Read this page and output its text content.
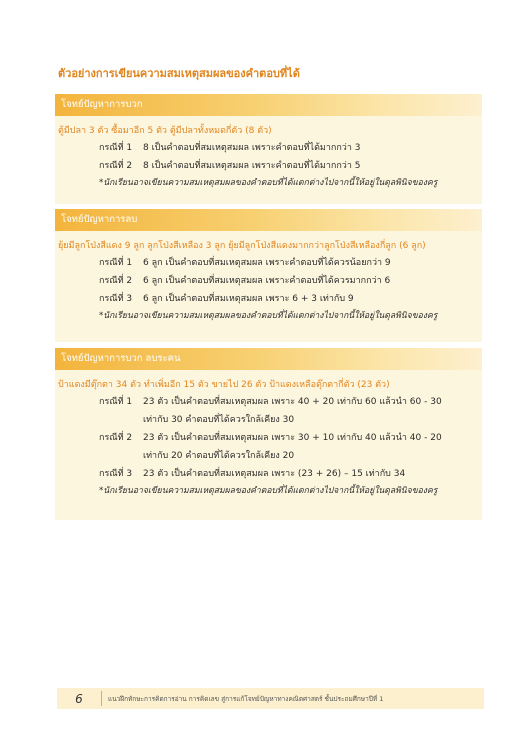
ตัวอย่างการเขียนความสมเหตุสมผลของคำตอบที่ได้
โจทย์ปัญหาการบวก
ตู้มีปลา 3 ตัว ซื้อมาอีก 5 ตัว ตู้มีปลาทั้งหมดกี่ตัว (8 ตัว)
กรณีที่ 1	8 เป็นคำตอบที่สมเหตุสมผล เพราะคำตอบที่ได้มากกว่า 3
กรณีที่ 2	8 เป็นคำตอบที่สมเหตุสมผล เพราะคำตอบที่ได้มากกว่า 5
*นักเรียนอาจเขียนความสมเหตุสมผลของคำตอบที่ได้แตกต่างไปจากนี้ให้อยู่ในดุลพินิจของครู
โจทย์ปัญหาการลบ
ยุ้ยมีลูกโป่งสีแดง 9 ลูก ลูกโป่งสีเหลือง 3 ลูก ยุ้ยมีลูกโป่งสีแดงมากกว่าลูกโป่งสีเหลืองกี่ลูก (6 ลูก)
กรณีที่ 1	6 ลูก เป็นคำตอบที่สมเหตุสมผล เพราะคำตอบที่ได้ควรน้อยกว่า 9
กรณีที่ 2	6 ลูก เป็นคำตอบที่สมเหตุสมผล เพราะคำตอบที่ได้ควรมากกว่า 6
กรณีที่ 3	6 ลูก เป็นคำตอบที่สมเหตุสมผล เพราะ 6 + 3 เท่ากับ 9
*นักเรียนอาจเขียนความสมเหตุสมผลของคำตอบที่ได้แตกต่างไปจากนี้ให้อยู่ในดุลพินิจของครู
โจทย์ปัญหาการบวก ลบระคน
ป้าแดงมีตุ๊กตา 34 ตัว ทำเพิ่มอีก 15 ตัว ขายไป 26 ตัว ป้าแดงเหลือตุ๊กตากี่ตัว (23 ตัว)
กรณีที่ 1	23 ตัว เป็นคำตอบที่สมเหตุสมผล เพราะ 40 + 20 เท่ากับ 60 แล้วนำ 60 - 30
เท่ากับ 30 คำตอบที่ได้ควรใกล้เคียง 30
กรณีที่ 2	23 ตัว เป็นคำตอบที่สมเหตุสมผล เพราะ 30 + 10 เท่ากับ 40 แล้วนำ 40 - 20
เท่ากับ 20 คำตอบที่ได้ควรใกล้เคียง 20
กรณีที่ 3	23 ตัว เป็นคำตอบที่สมเหตุสมผล เพราะ (23 + 26) – 15 เท่ากับ 34
*นักเรียนอาจเขียนความสมเหตุสมผลของคำตอบที่ได้แตกต่างไปจากนี้ให้อยู่ในดุลพินิจของครู
6	แนวฝึกทักษะการคิดการอ่าน การคิดเลข สู่การแก้โจทย์ปัญหาทางคณิตศาสตร์ ชั้นประถมศึกษาปีที่ 1
